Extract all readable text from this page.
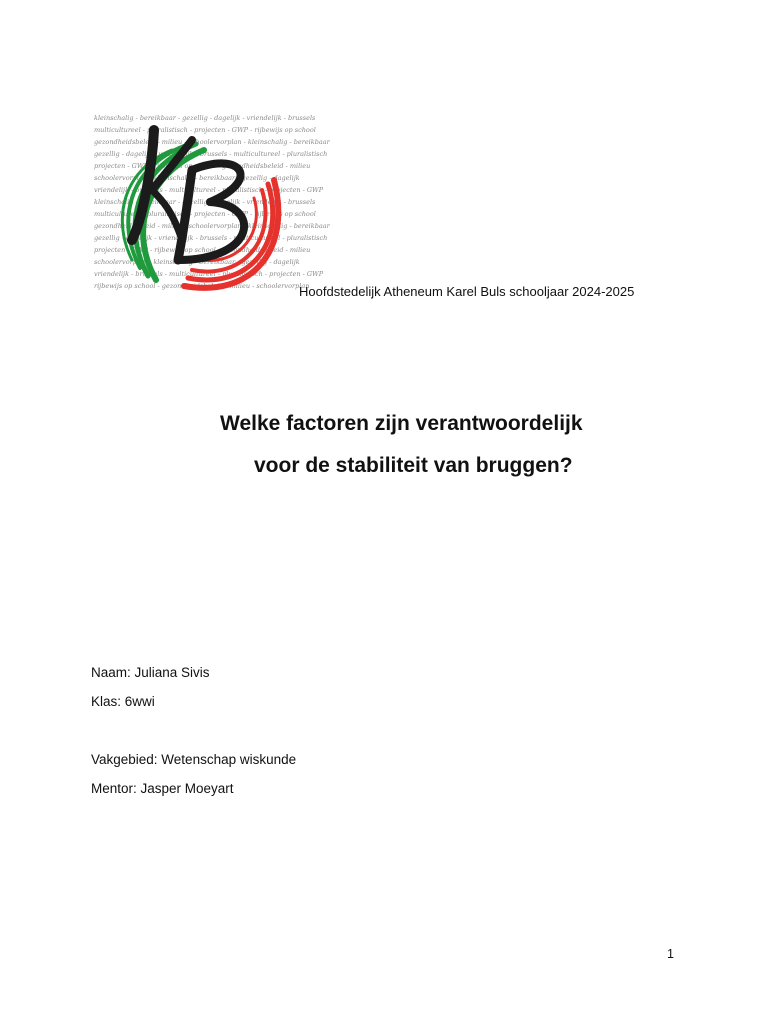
kleinschalig - bereikbaar - gezellig - dagelijk - vriendelijk - brussels
multicultureel - pluralistisch - projecten - GWP - rijbewijs op school
gezondheidsbeleid - milieu - schoolervorplan - kleinschalig - bereikbaar
gezellig - dagelijk - vriendelijk - brussels - multicultureel - pluralistisch
projecten - GWP - rijbewijs op school - gezondheidsbeleid - milieu
schoolervorplan - kleinschalig - bereikbaar - gezellig - dagelijk
vriendelijk - brussels - multicultureel - pluralistisch - projecten - GWP
kleinschalig - bereikbaar - gezellig - dagelijk - vriendelijk - brussels
multicultureel - pluralistisch - projecten - GWP - rijbewijs op school
gezondheidsbeleid - milieu - schoolervorplan - kleinschalig - bereikbaar
gezellig - dagelijk - vriendelijk - brussels - multicultureel - pluralistisch
projecten - GWP - rijbewijs op school - gezondheidsbeleid - milieu
schoolervorplan - kleinschalig - bereikbaar - gezellig - dagelijk
vriendelijk - brussels - multicultureel - pluralistisch - projecten - GWP
rijbewijs op school - gezondheidsbeleid - milieu - schoolervorplan
Hoofdstedelijk Atheneum Karel Buls schooljaar 2024-2025
Welke factoren zijn verantwoordelijk
voor de stabiliteit van bruggen?
Naam: Juliana Sivis
Klas: 6wwi
Vakgebied: Wetenschap wiskunde
Mentor: Jasper Moeyart
1
